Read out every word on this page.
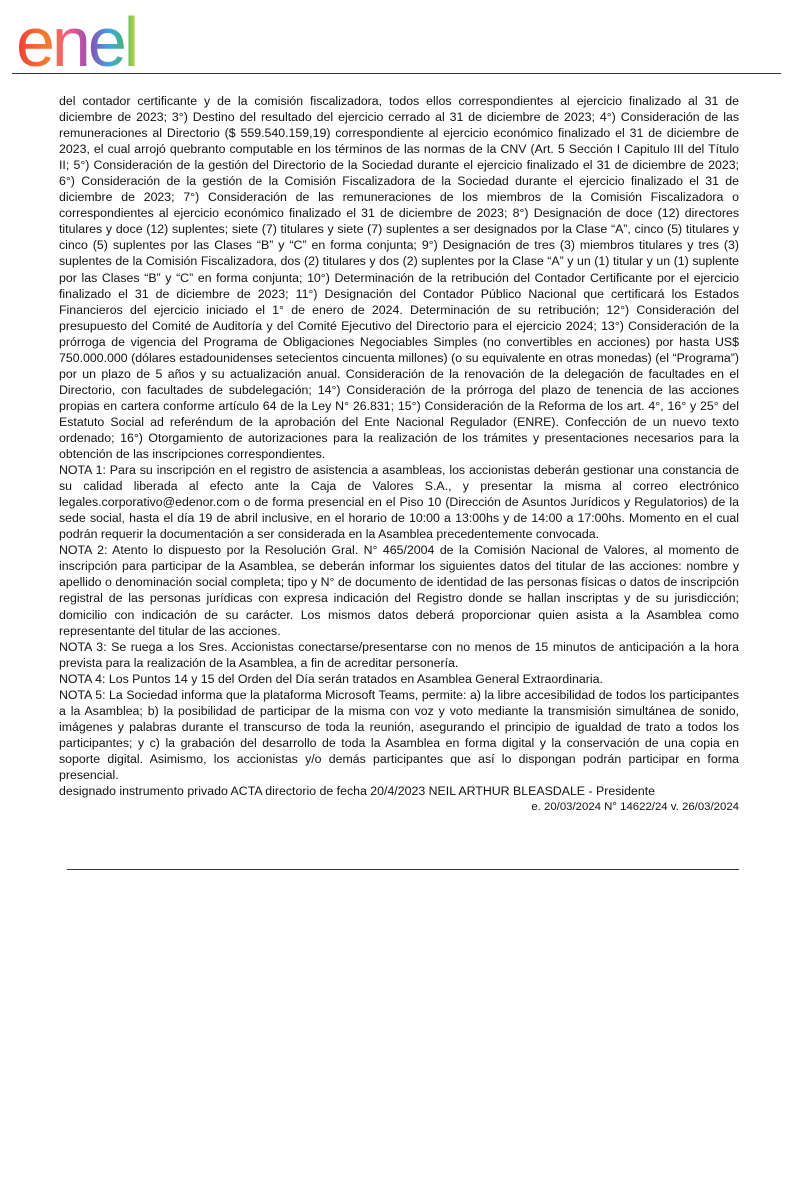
enel

del contador certificante y de la comisión fiscalizadora, todos ellos correspondientes al ejercicio finalizado al 31 de diciembre de 2023; 3°) Destino del resultado del ejercicio cerrado al 31 de diciembre de 2023; 4°) Consideración de las remuneraciones al Directorio ($ 559.540.159,19) correspondiente al ejercicio económico finalizado el 31 de diciembre de 2023, el cual arrojó quebranto computable en los términos de las normas de la CNV (Art. 5 Sección I Capitulo III del Título II; 5°) Consideración de la gestión del Directorio de la Sociedad durante el ejercicio finalizado el 31 de diciembre de 2023; 6°) Consideración de la gestión de la Comisión Fiscalizadora de la Sociedad durante el ejercicio finalizado el 31 de diciembre de 2023; 7°) Consideración de las remuneraciones de los miembros de la Comisión Fiscalizadora o correspondientes al ejercicio económico finalizado el 31 de diciembre de 2023; 8°) Designación de doce (12) directores titulares y doce (12) suplentes; siete (7) titulares y siete (7) suplentes a ser designados por la Clase “A”, cinco (5) titulares y cinco (5) suplentes por las Clases “B” y “C” en forma conjunta; 9°) Designación de tres (3) miembros titulares y tres (3) suplentes de la Comisión Fiscalizadora, dos (2) titulares y dos (2) suplentes por la Clase “A” y un (1) titular y un (1) suplente por las Clases “B” y “C” en forma conjunta; 10°) Determinación de la retribución del Contador Certificante por el ejercicio finalizado el 31 de diciembre de 2023; 11°) Designación del Contador Público Nacional que certificará los Estados Financieros del ejercicio iniciado el 1° de enero de 2024. Determinación de su retribución; 12°) Consideración del presupuesto del Comité de Auditoría y del Comité Ejecutivo del Directorio para el ejercicio 2024; 13°) Consideración de la prórroga de vigencia del Programa de Obligaciones Negociables Simples (no convertibles en acciones) por hasta US$ 750.000.000 (dólares estadounidenses setecientos cincuenta millones) (o su equivalente en otras monedas) (el “Programa”) por un plazo de 5 años y su actualización anual. Consideración de la renovación de la delegación de facultades en el Directorio, con facultades de subdelegación; 14°) Consideración de la prórroga del plazo de tenencia de las acciones propias en cartera conforme artículo 64 de la Ley N° 26.831; 15°) Consideración de la Reforma de los art. 4°, 16° y 25° del Estatuto Social ad referéndum de la aprobación del Ente Nacional Regulador (ENRE). Confección de un nuevo texto ordenado; 16°) Otorgamiento de autorizaciones para la realización de los trámites y presentaciones necesarios para la obtención de las inscripciones correspondientes.

NOTA 1: Para su inscripción en el registro de asistencia a asambleas, los accionistas deberán gestionar una constancia de su calidad liberada al efecto ante la Caja de Valores S.A., y presentar la misma al correo electrónico legales.corporativo@edenor.com o de forma presencial en el Piso 10 (Dirección de Asuntos Jurídicos y Regulatorios) de la sede social, hasta el día 19 de abril inclusive, en el horario de 10:00 a 13:00hs y de 14:00 a 17:00hs. Momento en el cual podrán requerir la documentación a ser considerada en la Asamblea precedentemente convocada.

NOTA 2: Atento lo dispuesto por la Resolución Gral. N° 465/2004 de la Comisión Nacional de Valores, al momento de inscripción para participar de la Asamblea, se deberán informar los siguientes datos del titular de las acciones: nombre y apellido o denominación social completa; tipo y N° de documento de identidad de las personas físicas o datos de inscripción registral de las personas jurídicas con expresa indicación del Registro donde se hallan inscriptas y de su jurisdicción; domicilio con indicación de su carácter. Los mismos datos deberá proporcionar quien asista a la Asamblea como representante del titular de las acciones.

NOTA 3: Se ruega a los Sres. Accionistas conectarse/presentarse con no menos de 15 minutos de anticipación a la hora prevista para la realización de la Asamblea, a fin de acreditar personería.

NOTA 4: Los Puntos 14 y 15 del Orden del Día serán tratados en Asamblea General Extraordinaria.

NOTA 5: La Sociedad informa que la plataforma Microsoft Teams, permite: a) la libre accesibilidad de todos los participantes a la Asamblea; b) la posibilidad de participar de la misma con voz y voto mediante la transmisión simultánea de sonido, imágenes y palabras durante el transcurso de toda la reunión, asegurando el principio de igualdad de trato a todos los participantes; y c) la grabación del desarrollo de toda la Asamblea en forma digital y la conservación de una copia en soporte digital. Asimismo, los accionistas y/o demás participantes que así lo dispongan podrán participar en forma presencial.

designado instrumento privado ACTA directorio de fecha 20/4/2023 NEIL ARTHUR BLEASDALE - Presidente

e. 20/03/2024 N° 14622/24 v. 26/03/2024
